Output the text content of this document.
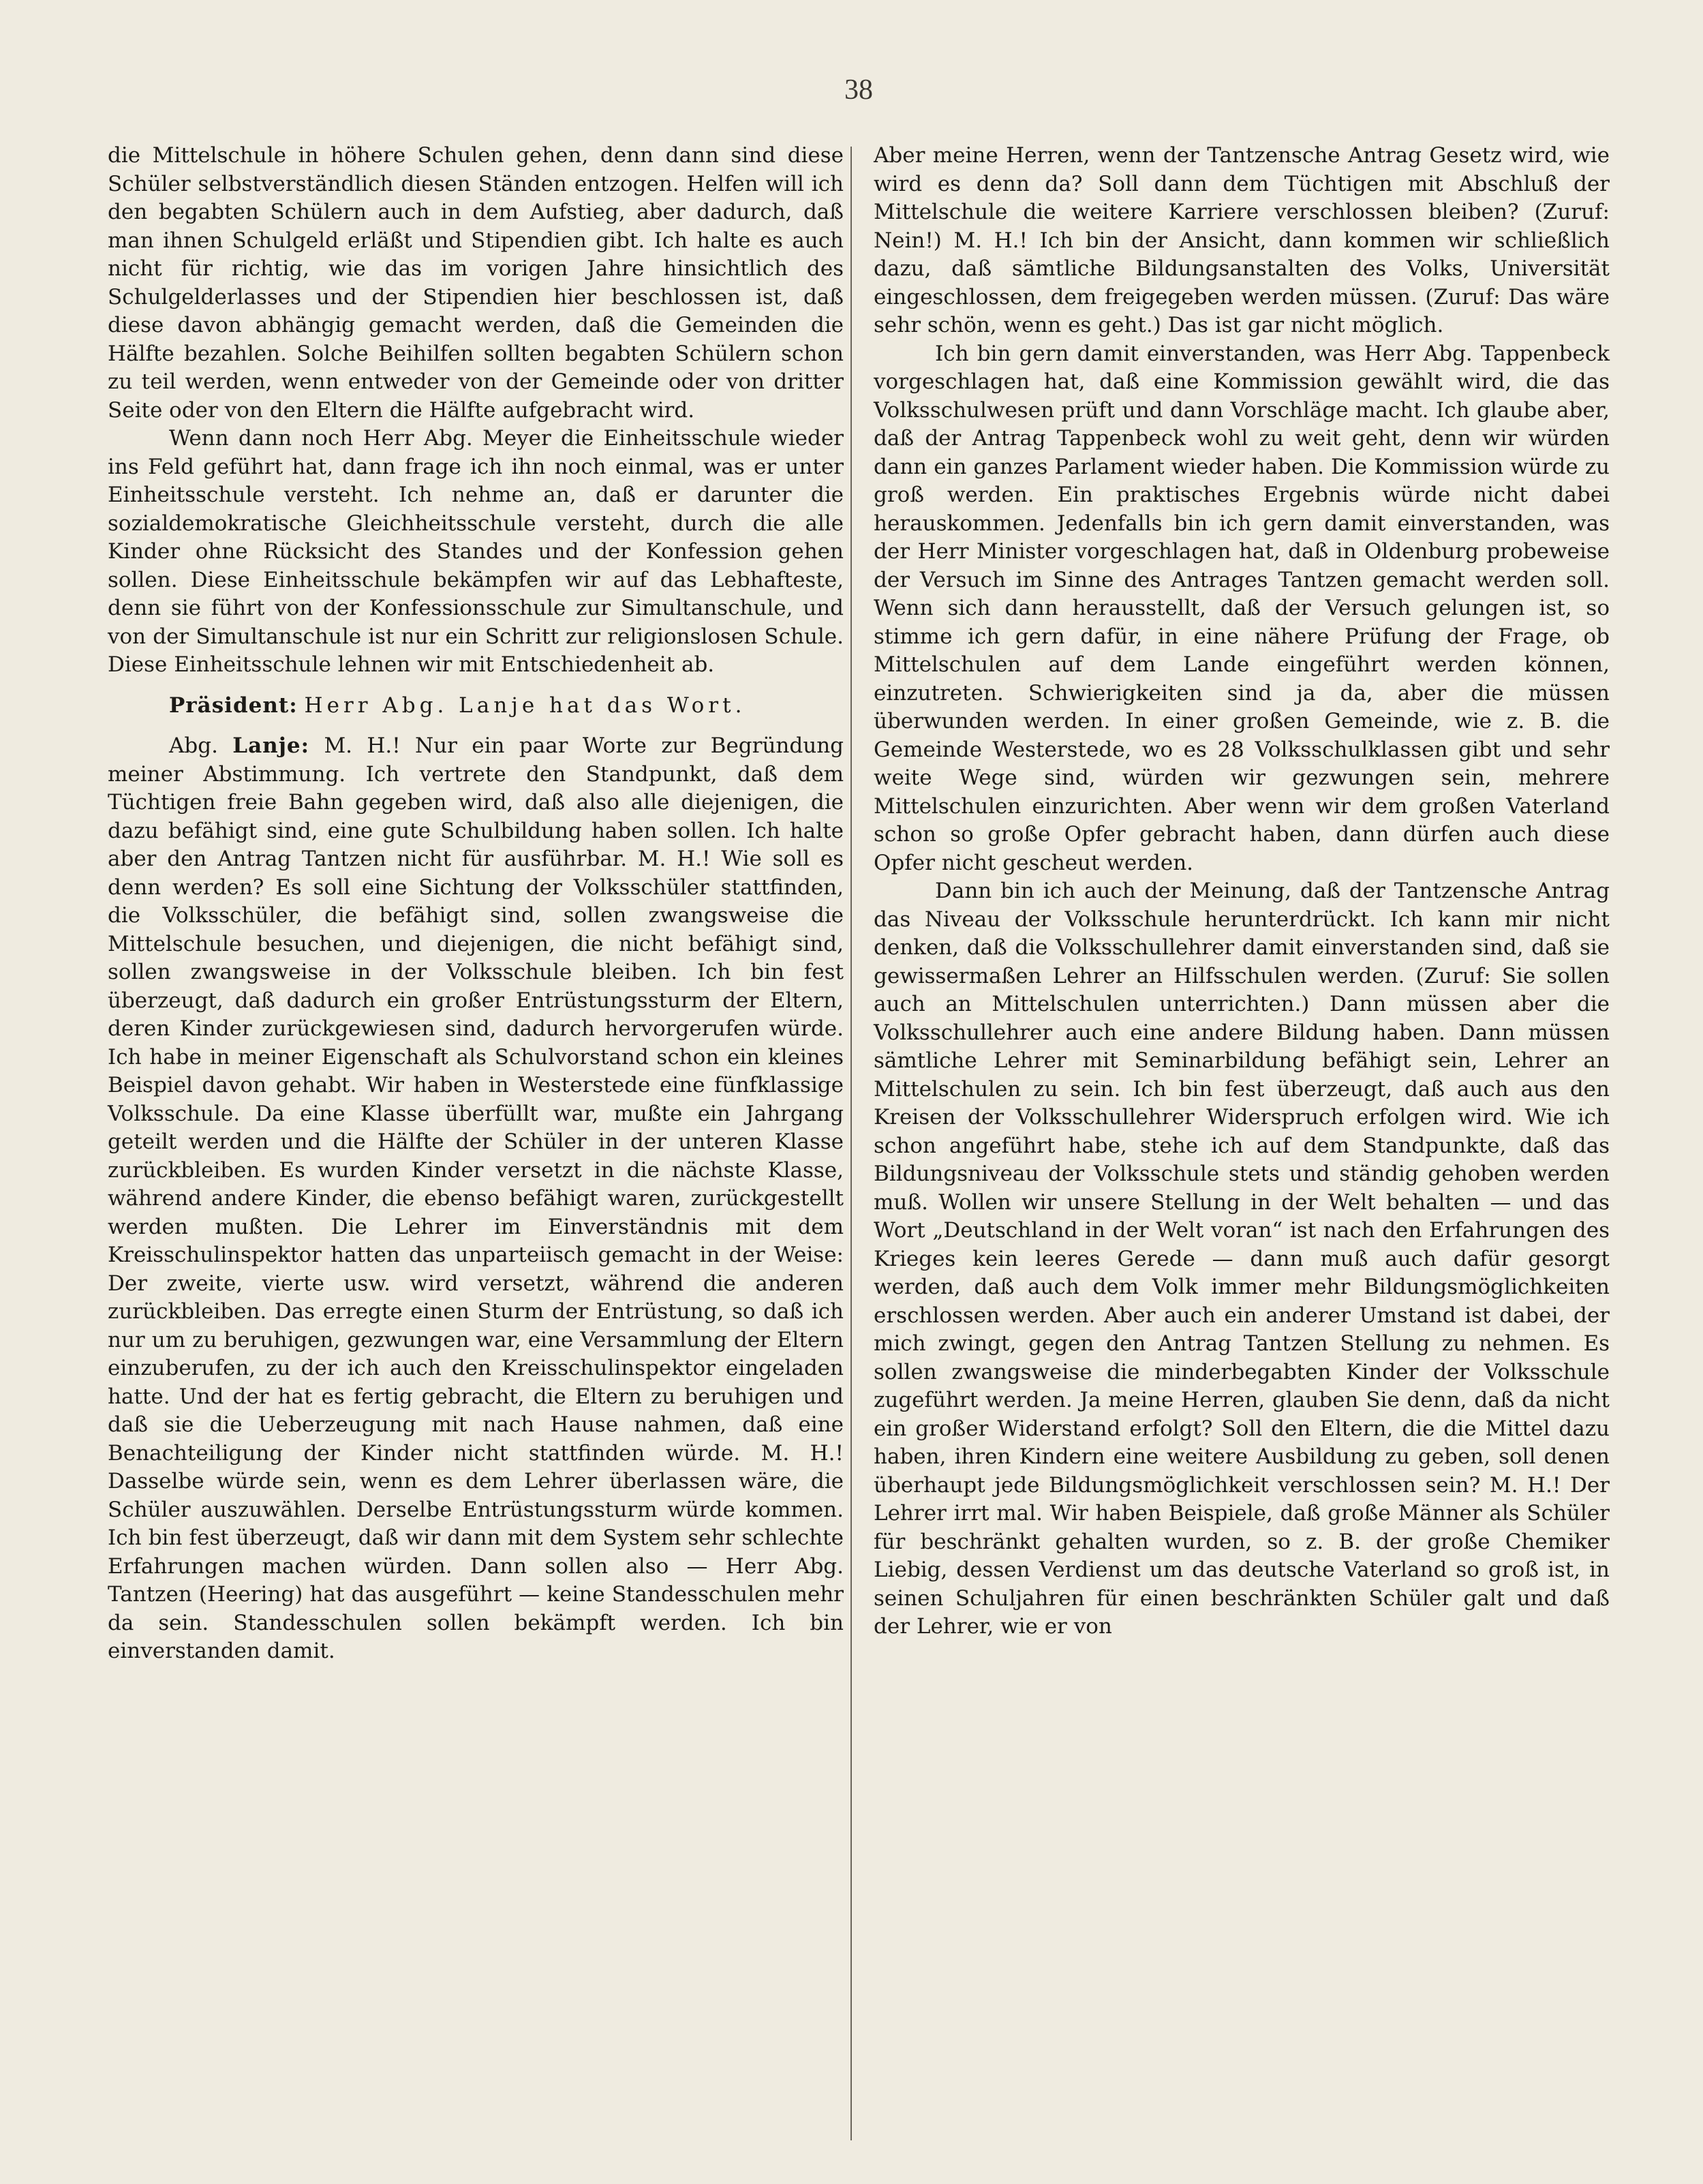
38

die Mittelschule in höhere Schulen gehen, denn dann sind diese Schüler selbstverständlich diesen Ständen entzogen. Helfen will ich den begabten Schülern auch in dem Aufstieg, aber dadurch, daß man ihnen Schulgeld erläßt und Stipendien gibt. Ich halte es auch nicht für richtig, wie das im vorigen Jahre hinsichtlich des Schulgelderlasses und der Stipendien hier beschlossen ist, daß diese davon abhängig gemacht werden, daß die Gemeinden die Hälfte bezahlen. Solche Beihilfen sollten begabten Schülern schon zu teil werden, wenn entweder von der Gemeinde oder von dritter Seite oder von den Eltern die Hälfte aufgebracht wird.

Wenn dann noch Herr Abg. Meyer die Einheitsschule wieder ins Feld geführt hat, dann frage ich ihn noch einmal, was er unter Einheitsschule versteht. Ich nehme an, daß er darunter die sozialdemokratische Gleichheitsschule versteht, durch die alle Kinder ohne Rücksicht des Standes und der Konfession gehen sollen. Diese Einheitsschule bekämpfen wir auf das Lebhafteste, denn sie führt von der Konfessionsschule zur Simultanschule, und von der Simultanschule ist nur ein Schritt zur religionslosen Schule. Diese Einheitsschule lehnen wir mit Entschiedenheit ab.

Präsident: Herr Abg. Lanje hat das Wort.

Abg. Lanje: M. H.! Nur ein paar Worte zur Begründung meiner Abstimmung. Ich vertrete den Standpunkt, daß dem Tüchtigen freie Bahn gegeben wird, daß also alle diejenigen, die dazu befähigt sind, eine gute Schulbildung haben sollen. Ich halte aber den Antrag Tantzen nicht für ausführbar. M. H.! Wie soll es denn werden? Es soll eine Sichtung der Volksschüler stattfinden, die Volksschüler, die befähigt sind, sollen zwangsweise die Mittelschule besuchen, und diejenigen, die nicht befähigt sind, sollen zwangsweise in der Volksschule bleiben. Ich bin fest überzeugt, daß dadurch ein großer Entrüstungssturm der Eltern, deren Kinder zurückgewiesen sind, dadurch hervorgerufen würde. Ich habe in meiner Eigenschaft als Schulvorstand schon ein kleines Beispiel davon gehabt. Wir haben in Westerstede eine fünfklassige Volksschule. Da eine Klasse überfüllt war, mußte ein Jahrgang geteilt werden und die Hälfte der Schüler in der unteren Klasse zurückbleiben. Es wurden Kinder versetzt in die nächste Klasse, während andere Kinder, die ebenso befähigt waren, zurückgestellt werden mußten. Die Lehrer im Einverständnis mit dem Kreisschulinspektor hatten das unparteiisch gemacht in der Weise: Der zweite, vierte usw. wird versetzt, während die anderen zurückbleiben. Das erregte einen Sturm der Entrüstung, so daß ich nur um zu beruhigen, gezwungen war, eine Versammlung der Eltern einzuberufen, zu der ich auch den Kreisschulinspektor eingeladen hatte. Und der hat es fertig gebracht, die Eltern zu beruhigen und daß sie die Ueberzeugung mit nach Hause nahmen, daß eine Benachteiligung der Kinder nicht stattfinden würde. M. H.! Dasselbe würde sein, wenn es dem Lehrer überlassen wäre, die Schüler auszuwählen. Derselbe Entrüstungssturm würde kommen. Ich bin fest überzeugt, daß wir dann mit dem System sehr schlechte Erfahrungen machen würden. Dann sollen also — Herr Abg. Tantzen (Heering) hat das ausgeführt — keine Standesschulen mehr da sein. Standesschulen sollen bekämpft werden. Ich bin einverstanden damit.

Aber meine Herren, wenn der Tantzensche Antrag Gesetz wird, wie wird es denn da? Soll dann dem Tüchtigen mit Abschluß der Mittelschule die weitere Karriere verschlossen bleiben? (Zuruf: Nein!) M. H.! Ich bin der Ansicht, dann kommen wir schließlich dazu, daß sämtliche Bildungsanstalten des Volks, Universität eingeschlossen, dem freigegeben werden müssen. (Zuruf: Das wäre sehr schön, wenn es geht.) Das ist gar nicht möglich.

Ich bin gern damit einverstanden, was Herr Abg. Tappenbeck vorgeschlagen hat, daß eine Kommission gewählt wird, die das Volksschulwesen prüft und dann Vorschläge macht. Ich glaube aber, daß der Antrag Tappenbeck wohl zu weit geht, denn wir würden dann ein ganzes Parlament wieder haben. Die Kommission würde zu groß werden. Ein praktisches Ergebnis würde nicht dabei herauskommen. Jedenfalls bin ich gern damit einverstanden, was der Herr Minister vorgeschlagen hat, daß in Oldenburg probeweise der Versuch im Sinne des Antrages Tantzen gemacht werden soll. Wenn sich dann herausstellt, daß der Versuch gelungen ist, so stimme ich gern dafür, in eine nähere Prüfung der Frage, ob Mittelschulen auf dem Lande eingeführt werden können, einzutreten. Schwierigkeiten sind ja da, aber die müssen überwunden werden. In einer großen Gemeinde, wie z. B. die Gemeinde Westerstede, wo es 28 Volksschulklassen gibt und sehr weite Wege sind, würden wir gezwungen sein, mehrere Mittelschulen einzurichten. Aber wenn wir dem großen Vaterland schon so große Opfer gebracht haben, dann dürfen auch diese Opfer nicht gescheut werden.

Dann bin ich auch der Meinung, daß der Tantzensche Antrag das Niveau der Volksschule herunterdrückt. Ich kann mir nicht denken, daß die Volksschullehrer damit einverstanden sind, daß sie gewissermaßen Lehrer an Hilfsschulen werden. (Zuruf: Sie sollen auch an Mittelschulen unterrichten.) Dann müssen aber die Volksschullehrer auch eine andere Bildung haben. Dann müssen sämtliche Lehrer mit Seminarbildung befähigt sein, Lehrer an Mittelschulen zu sein. Ich bin fest überzeugt, daß auch aus den Kreisen der Volksschullehrer Widerspruch erfolgen wird. Wie ich schon angeführt habe, stehe ich auf dem Standpunkte, daß das Bildungsniveau der Volksschule stets und ständig gehoben werden muß. Wollen wir unsere Stellung in der Welt behalten — und das Wort „Deutschland in der Welt voran“ ist nach den Erfahrungen des Krieges kein leeres Gerede — dann muß auch dafür gesorgt werden, daß auch dem Volk immer mehr Bildungsmöglichkeiten erschlossen werden. Aber auch ein anderer Umstand ist dabei, der mich zwingt, gegen den Antrag Tantzen Stellung zu nehmen. Es sollen zwangsweise die minderbegabten Kinder der Volksschule zugeführt werden. Ja meine Herren, glauben Sie denn, daß da nicht ein großer Widerstand erfolgt? Soll den Eltern, die die Mittel dazu haben, ihren Kindern eine weitere Ausbildung zu geben, soll denen überhaupt jede Bildungsmöglichkeit verschlossen sein? M. H.! Der Lehrer irrt mal. Wir haben Beispiele, daß große Männer als Schüler für beschränkt gehalten wurden, so z. B. der große Chemiker Liebig, dessen Verdienst um das deutsche Vaterland so groß ist, in seinen Schuljahren für einen beschränkten Schüler galt und daß der Lehrer, wie er von
